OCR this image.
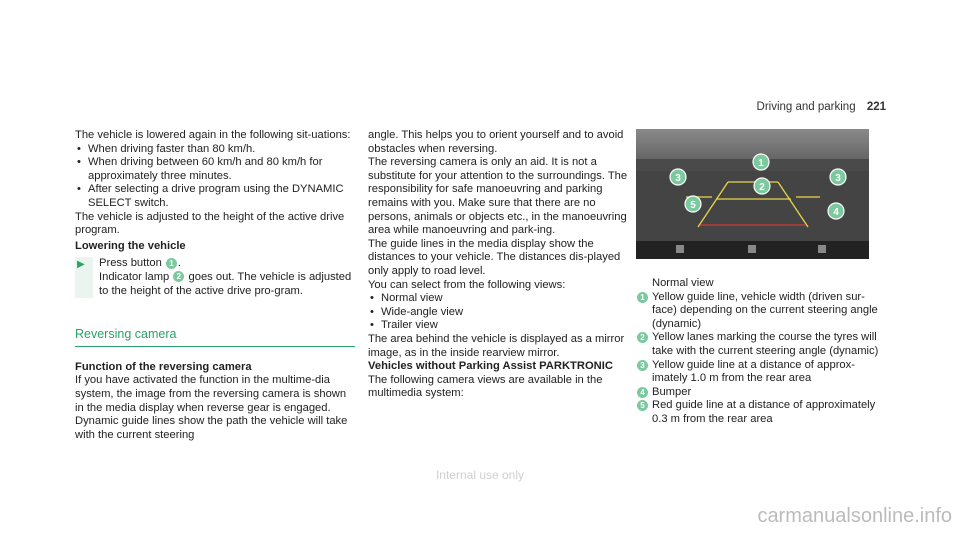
Driving and parking 221

The vehicle is lowered again in the following sit-uations:

• When driving faster than 80 km/h.
• When driving between 60 km/h and 80 km/h for approximately three minutes.
• After selecting a drive program using the DYNAMIC SELECT switch.

The vehicle is adjusted to the height of the active drive program.

Lowering the vehicle

▶ Press button 1 .
Indicator lamp 2 goes out. The vehicle is adjusted to the height of the active drive pro-gram.
Reversing camera

Function of the reversing camera

If you have activated the function in the multime-dia system, the image from the reversing camera is shown in the media display when reverse gear is engaged. Dynamic guide lines show the path the vehicle will take with the current steering

angle. This helps you to orient yourself and to avoid obstacles when reversing.

The reversing camera is only an aid. It is not a substitute for your attention to the surroundings. The responsibility for safe manoeuvring and parking remains with you. Make sure that there are no persons, animals or objects etc., in the manoeuvring area while manoeuvring and park-ing.

The guide lines in the media display show the distances to your vehicle. The distances dis-played only apply to road level.

You can select from the following views:

• Normal view
• Wide-angle view
• Trailer view

The area behind the vehicle is displayed as a mirror image, as in the inside rearview mirror.

Vehicles without Parking Assist PARKTRONIC

The following camera views are available in the multimedia system:

1
2
3	3
5
4

Normal view

1 Yellow guide line, vehicle width (driven sur-face) depending on the current steering angle (dynamic)
2 Yellow lanes marking the course the tyres will take with the current steering angle (dynamic)
3 Yellow guide line at a distance of approx-imately 1.0 m from the rear area
4 Bumper
5 Red guide line at a distance of approximately 0.3 m from the rear area
Internal use only
carmanualsonline.info
